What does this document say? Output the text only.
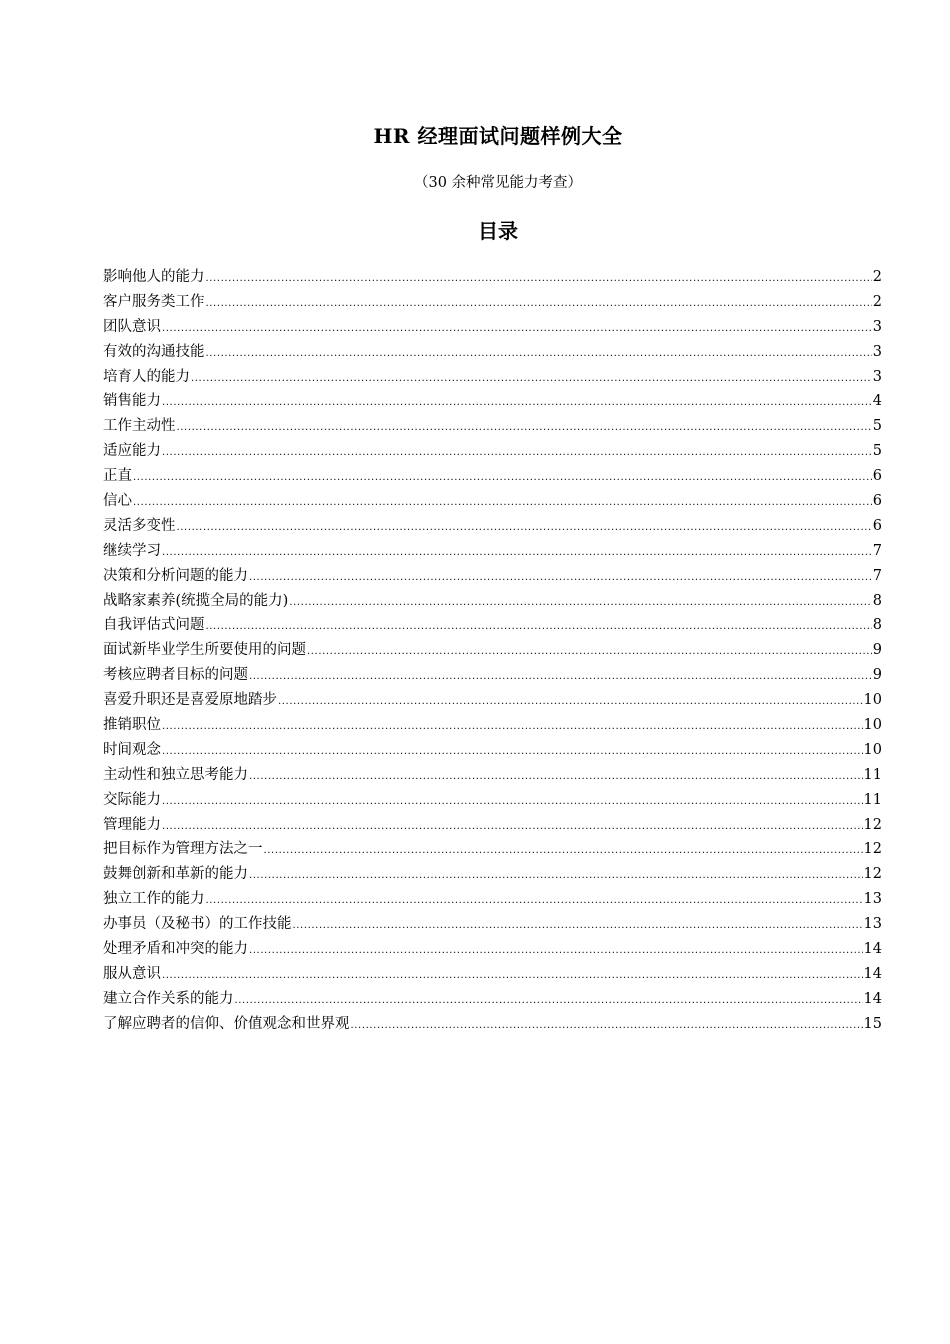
HR 经理面试问题样例大全
（30 余种常见能力考查）
目录
影响他人的能力 .....	2
客户服务类工作 .....	2
团队意识 .....	3
有效的沟通技能 .....	3
培育人的能力 .....	3
销售能力 .....	4
工作主动性 .....	5
适应能力 .....	5
正直 .....	6
信心 .....	6
灵活多变性 .....	6
继续学习 .....	7
决策和分析问题的能力 .....	7
战略家素养(统揽全局的能力) .....	8
自我评估式问题 .....	8
面试新毕业学生所要使用的问题 .....	9
考核应聘者目标的问题 .....	9
喜爱升职还是喜爱原地踏步 .....	10
推销职位 .....	10
时间观念 .....	10
主动性和独立思考能力 .....	11
交际能力 .....	11
管理能力 .....	12
把目标作为管理方法之一 .....	12
鼓舞创新和革新的能力 .....	12
独立工作的能力 .....	13
办事员（及秘书）的工作技能 .....	13
处理矛盾和冲突的能力 .....	14
服从意识 .....	14
建立合作关系的能力 .....	14
了解应聘者的信仰、价值观念和世界观 .....	15
